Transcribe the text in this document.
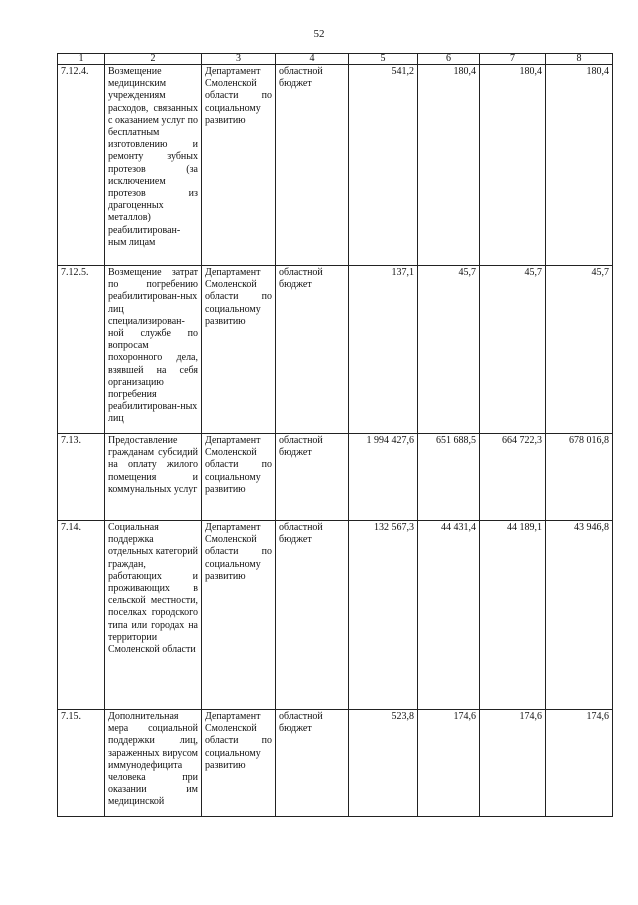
52
1	2	3	4	5	6	7	8
7.12.4.	Возмещение медицинским учреждениям расходов, связанных с оказанием услуг по бесплатным изготовлению и ремонту зубных протезов (за исключением протезов из драгоценных металлов) реабилитирован-ным лицам	Департамент Смоленской области по социальному развитию	областной бюджет	541,2	180,4	180,4	180,4
7.12.5.	Возмещение затрат по погребению реабилитирован-ных лиц специализирован-ной службе по вопросам похоронного дела, взявшей на себя организацию погребения реабилитирован-ных лиц	Департамент Смоленской области по социальному развитию	областной бюджет	137,1	45,7	45,7	45,7
7.13.	Предоставление гражданам субсидий на оплату жилого помещения и коммунальных услуг	Департамент Смоленской области по социальному развитию	областной бюджет	1 994 427,6	651 688,5	664 722,3	678 016,8
7.14.	Социальная поддержка отдельных категорий граждан, работающих и проживающих в сельской местности, поселках городского типа или городах на территории Смоленской области	Департамент Смоленской области по социальному развитию	областной бюджет	132 567,3	44 431,4	44 189,1	43 946,8
7.15.	Дополнительная мера социальной поддержки лиц, зараженных вирусом иммунодефицита человека при оказании им медицинской	Департамент Смоленской области по социальному развитию	областной бюджет	523,8	174,6	174,6	174,6
